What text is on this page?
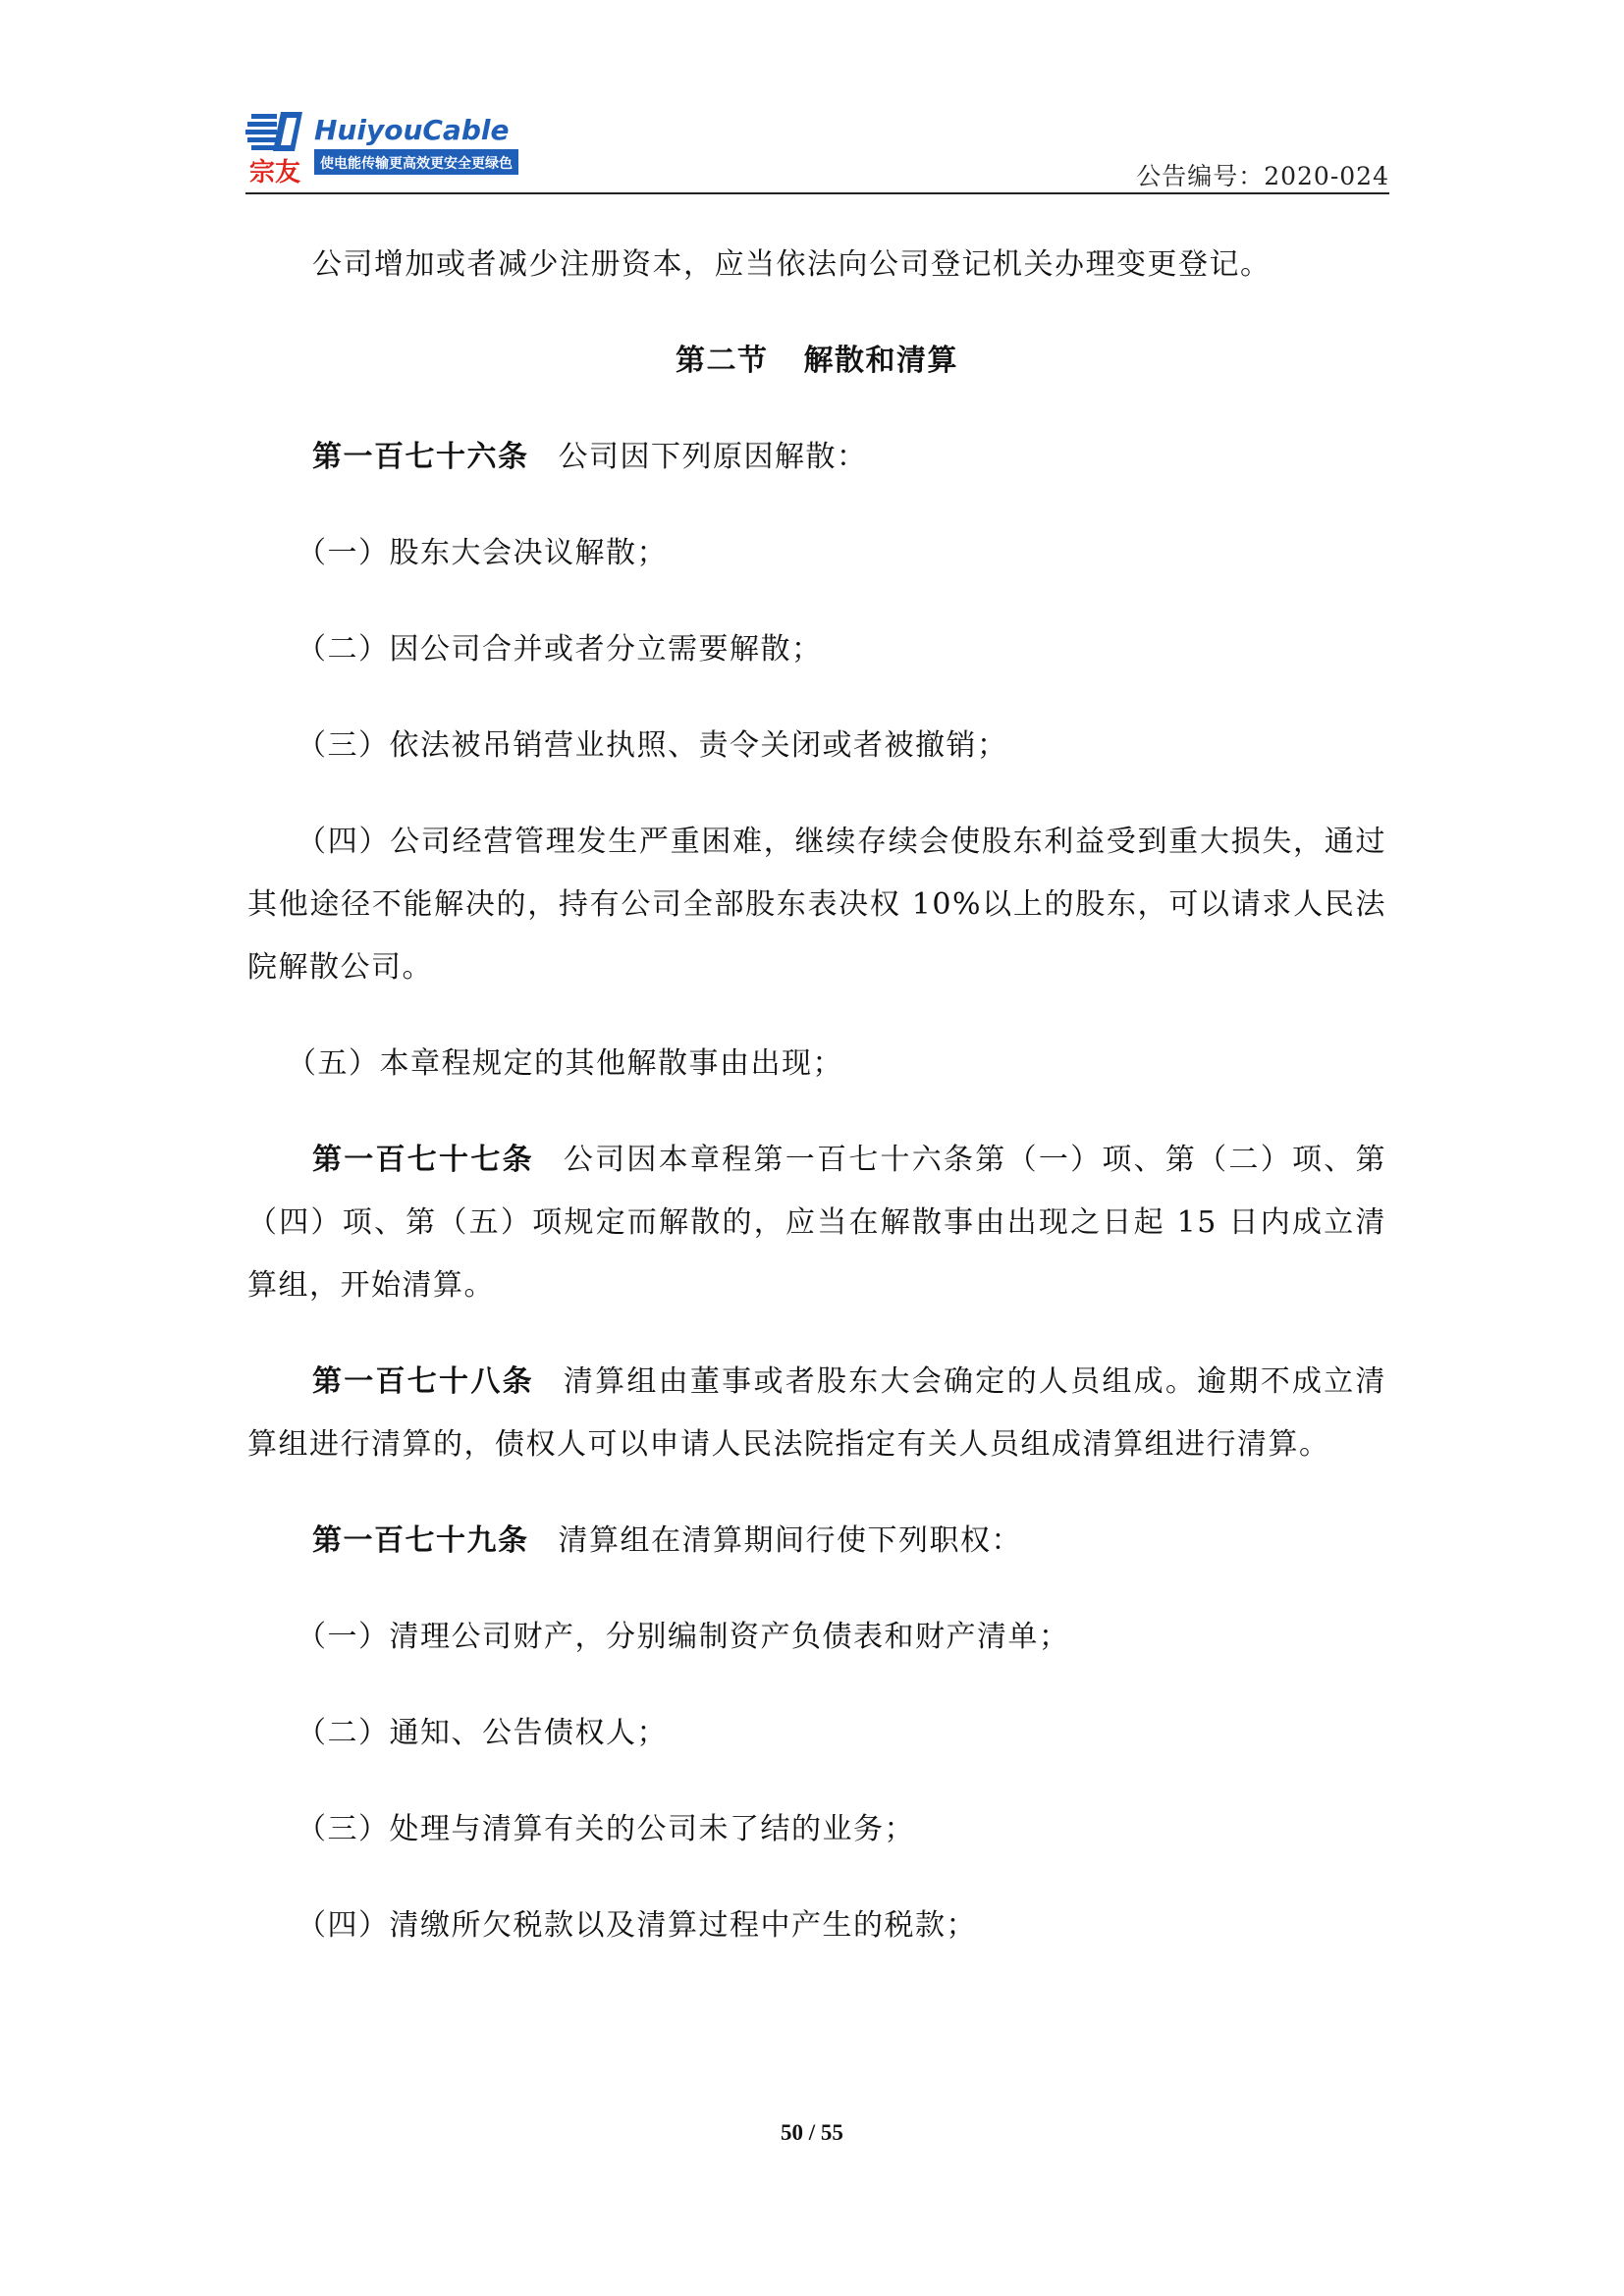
宗友
HuiyouCable
使电能传输更高效更安全更绿色	公告编号：2020-024

公司增加或者减少注册资本，应当依法向公司登记机关办理变更登记。

第二节 解散和清算

第一百七十六条 公司因下列原因解散：

（一）股东大会决议解散；

（二）因公司合并或者分立需要解散；

（三）依法被吊销营业执照、责令关闭或者被撤销；

（四）公司经营管理发生严重困难，继续存续会使股东利益受到重大损失，通过其他途径不能解决的，持有公司全部股东表决权 10%以上的股东，可以请求人民法院解散公司。

（五）本章程规定的其他解散事由出现；

第一百七十七条 公司因本章程第一百七十六条第（一）项、第（二）项、第（四）项、第（五）项规定而解散的，应当在解散事由出现之日起 15 日内成立清算组，开始清算。

第一百七十八条 清算组由董事或者股东大会确定的人员组成。逾期不成立清算组进行清算的，债权人可以申请人民法院指定有关人员组成清算组进行清算。

第一百七十九条 清算组在清算期间行使下列职权：

（一）清理公司财产，分别编制资产负债表和财产清单；

（二）通知、公告债权人；

（三）处理与清算有关的公司未了结的业务；

（四）清缴所欠税款以及清算过程中产生的税款；

50 / 55
